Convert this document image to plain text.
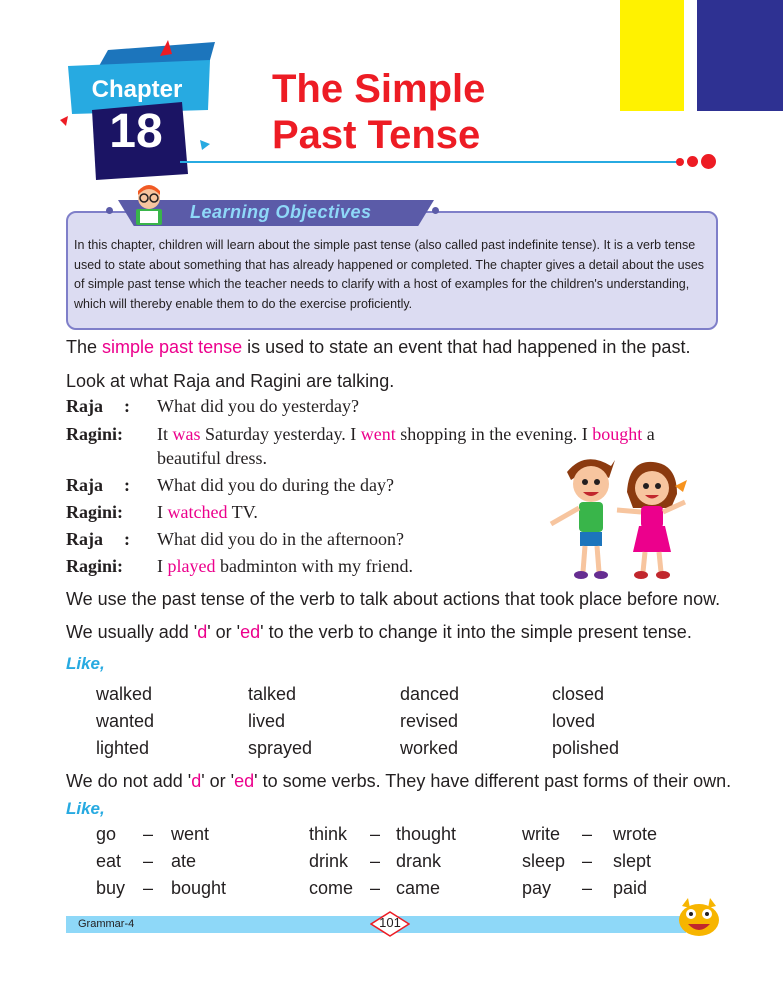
Chapter
18
The Simple
Past Tense
Learning Objectives
In this chapter, children will learn about the simple past tense (also called past indefinite tense). It is a verb tense used to state about something that has already happened or completed. The chapter gives a detail about the uses of simple past tense which the teacher needs to clarify with a host of examples for the children's understanding, which will thereby enable them to do the exercise proficiently.
The simple past tense is used to state an event that had happened in the past.
Look at what Raja and Ragini are talking.
Raja : What did you do yesterday?
Ragini: It was Saturday yesterday. I went shopping in the evening. I bought a
beautiful dress.
Raja : What did you do during the day?
Ragini: I watched TV.
Raja : What did you do in the afternoon?
Ragini: I played badminton with my friend.
We use the past tense of the verb to talk about actions that took place before now.
We usually add 'd' or 'ed' to the verb to change it into the simple present tense.
Like,
walked	talked	danced	closed
wanted	lived	revised	loved
lighted	sprayed	worked	polished
We do not add 'd' or 'ed' to some verbs. They have different past forms of their own.
Like,
go – went	think – thought	write – wrote
eat – ate	drink – drank	sleep – slept
buy – bought	come – came	pay – paid
Grammar-4	101
